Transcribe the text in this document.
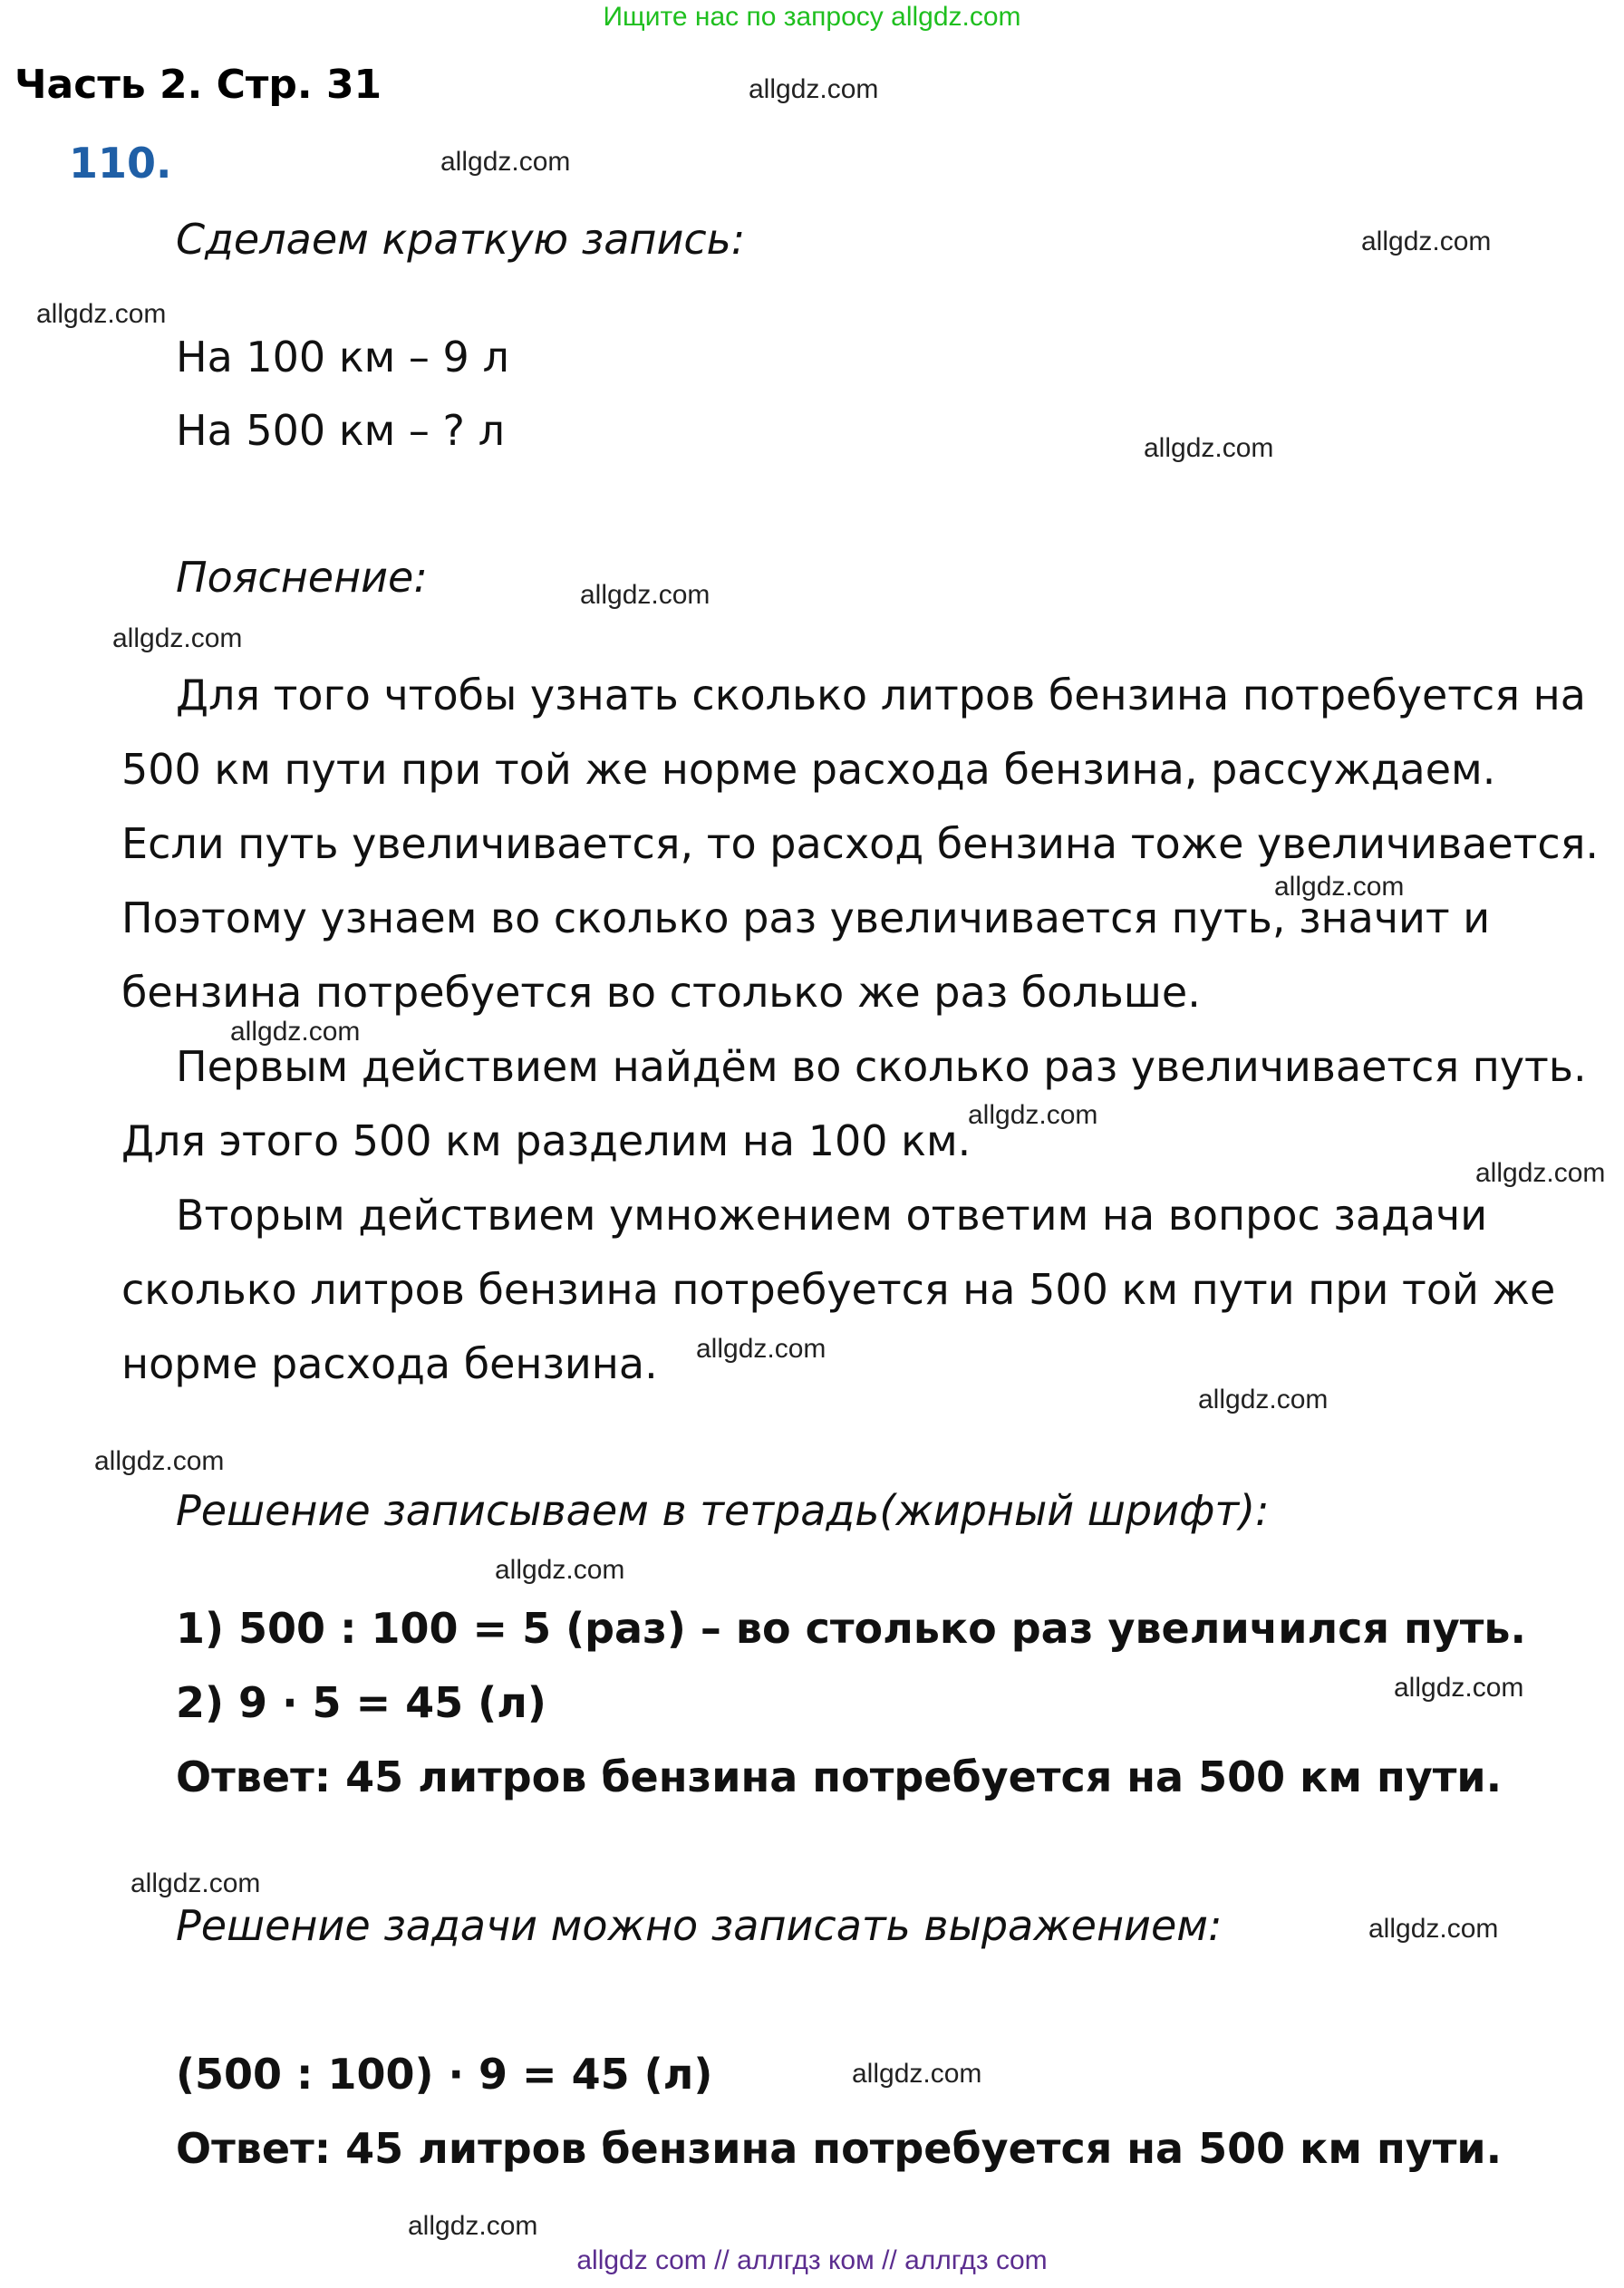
Ищите нас по запросу allgdz.com
Часть 2. Стр. 31
110.
Сделаем краткую запись:
На 100 км – 9 л
На 500 км – ? л
Пояснение:
Для того чтобы узнать сколько литров бензина потребуется на
500 км пути при той же норме расхода бензина, рассуждаем.
Если путь увеличивается, то расход бензина тоже увеличивается.
Поэтому узнаем во сколько раз увеличивается путь, значит и
бензина потребуется во столько же раз больше.
Первым действием найдём во сколько раз увеличивается путь.
Для этого 500 км разделим на 100 км.
Вторым действием умножением ответим на вопрос задачи
сколько литров бензина потребуется на 500 км пути при той же
норме расхода бензина.
Решение записываем в тетрадь(жирный шрифт):
1) 500 : 100 = 5 (раз) – во столько раз увеличился путь.
2) 9 · 5 = 45 (л)
Ответ: 45 литров бензина потребуется на 500 км пути.
Решение задачи можно записать выражением:
(500 : 100) · 9 = 45 (л)
Ответ: 45 литров бензина потребуется на 500 км пути.
allgdz.com
allgdz.com
allgdz.com
allgdz.com
allgdz.com
allgdz.com
allgdz.com
allgdz.com
allgdz.com
allgdz.com
allgdz.com
allgdz.com
allgdz.com
allgdz.com
allgdz.com
allgdz.com
allgdz.com
allgdz.com
allgdz.com
allgdz.com
allgdz com // аллгдз ком // аллгдз com
